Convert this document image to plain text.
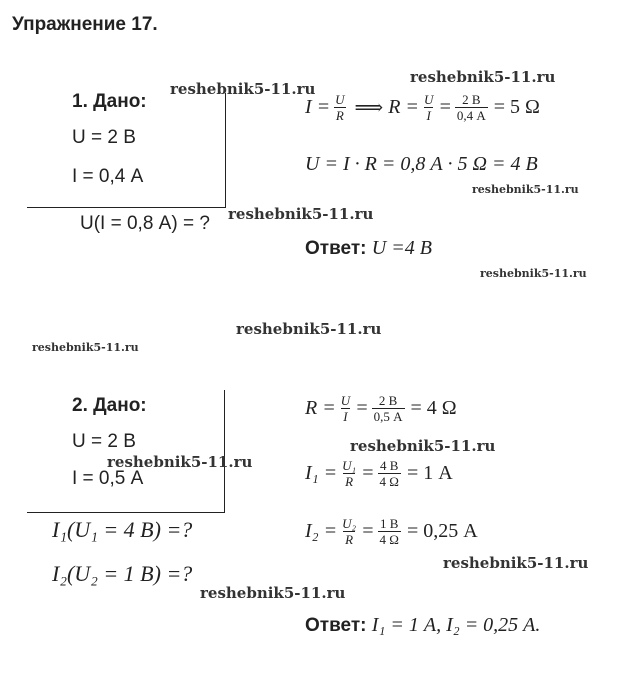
Упражнение 17.
1. Дано:
U = 2 В
I = 0,4 А
U(I = 0,8 А) = ?
$I = \frac{U}{R}$ ⟹ $R = \frac{U}{I} = \frac{2 В}{0,4 А} = 5$ Ω
U = I · R = 0,8 А · 5 Ω = 4 В
Ответ: U =4 В
2. Дано:
U = 2 В
I = 0,5 А
I₁(U₁ = 4 В) =?
I₂(U₂ = 1 В) =?
$R = \frac{U}{I} = \frac{2 В}{0,5 А} = 4$ Ω
$I_1 = \frac{\text{U₁}}{R} = \frac{4 В}{4 \Omega} = 1$ А
$I_2 = \frac{\text{U₂}}{R} = \frac{1 В}{4 \Omega} = 0,25$ А
Ответ: I₁ = 1 А, I₂ = 0,25 А.
reshebnik5-11.ru
reshebnik5-11.ru
reshebnik5-11.ru
reshebnik5-11.ru
reshebnik5-11.ru
reshebnik5-11.ru
reshebnik5-11.ru
reshebnik5-11.ru
reshebnik5-11.ru
reshebnik5-11.ru
reshebnik5-11.ru
